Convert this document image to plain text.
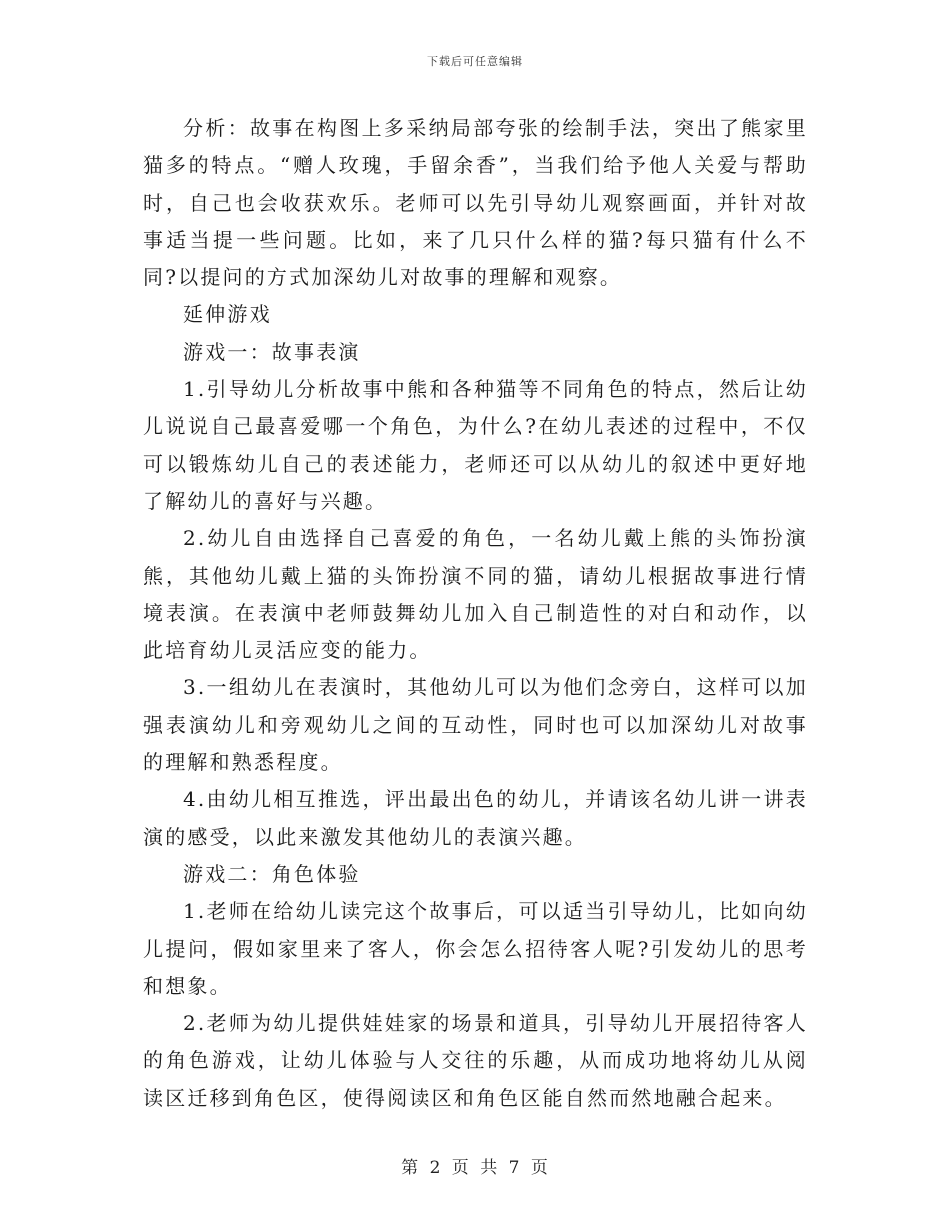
下载后可任意编辑

分析：故事在构图上多采纳局部夸张的绘制手法，突出了熊家里猫多的特点。“赠人玫瑰，手留余香”，当我们给予他人关爱与帮助时，自己也会收获欢乐。老师可以先引导幼儿观察画面，并针对故事适当提一些问题。比如，来了几只什么样的猫?每只猫有什么不同?以提问的方式加深幼儿对故事的理解和观察。

延伸游戏

游戏一：故事表演

1.引导幼儿分析故事中熊和各种猫等不同角色的特点，然后让幼儿说说自己最喜爱哪一个角色，为什么?在幼儿表述的过程中，不仅可以锻炼幼儿自己的表述能力，老师还可以从幼儿的叙述中更好地了解幼儿的喜好与兴趣。

2.幼儿自由选择自己喜爱的角色，一名幼儿戴上熊的头饰扮演熊，其他幼儿戴上猫的头饰扮演不同的猫，请幼儿根据故事进行情境表演。在表演中老师鼓舞幼儿加入自己制造性的对白和动作，以此培育幼儿灵活应变的能力。

3.一组幼儿在表演时，其他幼儿可以为他们念旁白，这样可以加强表演幼儿和旁观幼儿之间的互动性，同时也可以加深幼儿对故事的理解和熟悉程度。

4.由幼儿相互推选，评出最出色的幼儿，并请该名幼儿讲一讲表演的感受，以此来激发其他幼儿的表演兴趣。

游戏二：角色体验

1.老师在给幼儿读完这个故事后，可以适当引导幼儿，比如向幼儿提问，假如家里来了客人，你会怎么招待客人呢?引发幼儿的思考和想象。

2.老师为幼儿提供娃娃家的场景和道具，引导幼儿开展招待客人的角色游戏，让幼儿体验与人交往的乐趣，从而成功地将幼儿从阅读区迁移到角色区，使得阅读区和角色区能自然而然地融合起来。

第 2 页 共 7 页
